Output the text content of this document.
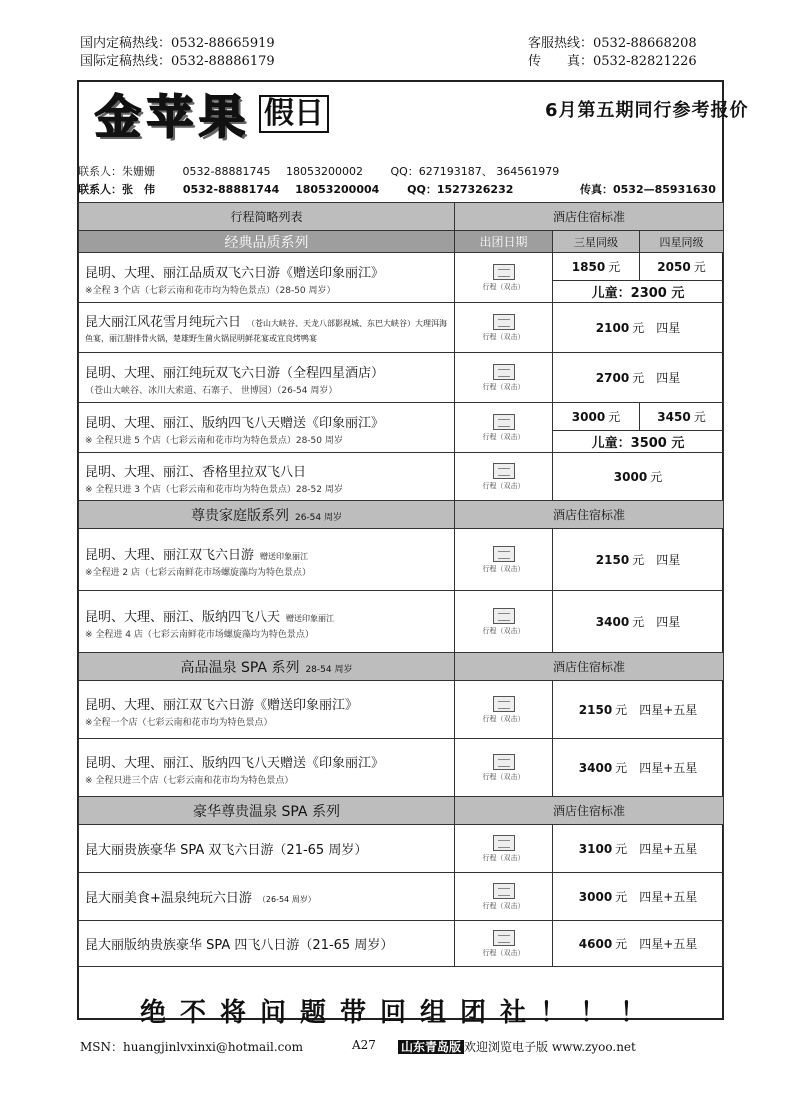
国内定稿热线：0532-88665919
国际定稿热线：0532-88886179
客服热线：0532-88668208
传　　真：0532-82821226
金苹果 假日	6月第五期同行参考报价
联系人：朱姗姗	0532-88881745 18053200002	QQ：627193187、 364561979
联系人：张　伟	0532-88881744 18053200004	QQ：1527326232	传真：0532—85931630
行程简略列表	酒店住宿标准		
经典品质系列	出团日期	三星同级	四星同级

昆明、大理、丽江品质双飞六日游《赠送印象丽江》
※全程 3 个店（七彩云南和花市均为特色景点）（28-50 周岁）	行程（双击）	1850 元	2050 元
		儿童：2300 元	

昆大丽江风花雪月纯玩六日 （苍山大峡谷、天龙八部影视城、东巴大峡谷）大理洱海鱼宴，丽江腊排骨火锅，楚雄野生菌火锅昆明鲜花宴或宜良烤鸭宴	行程（双击）	2100 元 四星	

昆明、大理、丽江纯玩双飞六日游（全程四星酒店）
（苍山大峡谷、冰川大索道、石寨子、 世博园）（26-54 周岁）	行程（双击）	2700 元 四星	

昆明、大理、丽江、版纳四飞八天赠送《印象丽江》
※ 全程只进 5 个店（七彩云南和花市均为特色景点）28-50 周岁	行程（双击）	3000 元	3450 元
		儿童：3500 元	

昆明、大理、丽江、香格里拉双飞八日
※ 全程只进 3 个店（七彩云南和花市均为特色景点）28-52 周岁	行程（双击）	3000 元	
尊贵家庭版系列 26-54 周岁	酒店住宿标准		

昆明、大理、丽江双飞六日游 赠送印象丽江
※全程进 2 店（七彩云南鲜花市场螺旋藻均为特色景点）	行程（双击）	2150 元 四星	

昆明、大理、丽江、版纳四飞八天 赠送印象丽江
※ 全程进 4 店（七彩云南鲜花市场螺旋藻均为特色景点）	行程（双击）	3400 元 四星	
高品温泉 SPA 系列 28-54 周岁	酒店住宿标准		

昆明、大理、丽江双飞六日游《赠送印象丽江》
※全程一个店（七彩云南和花市均为特色景点）	行程（双击）	2150 元 四星+五星	

昆明、大理、丽江、版纳四飞八天赠送《印象丽江》
※ 全程只进三个店（七彩云南和花市均为特色景点）	行程（双击）	3400 元 四星+五星	
豪华尊贵温泉 SPA 系列	酒店住宿标准		

昆大丽贵族豪华 SPA 双飞六日游（21-65 周岁）	行程（双击）	3100 元 四星+五星	

昆大丽美食+温泉纯玩六日游 （26-54 周岁）	行程（双击）	3000 元 四星+五星	

昆大丽版纳贵族豪华 SPA 四飞八日游（21-65 周岁）	行程（双击）	4600 元 四星+五星	
绝不将问题带回组团社！！！
MSN：huangjinlvxinxi@hotmail.com	A27 山东青岛版 欢迎浏览电子版 www.zyoo.net
